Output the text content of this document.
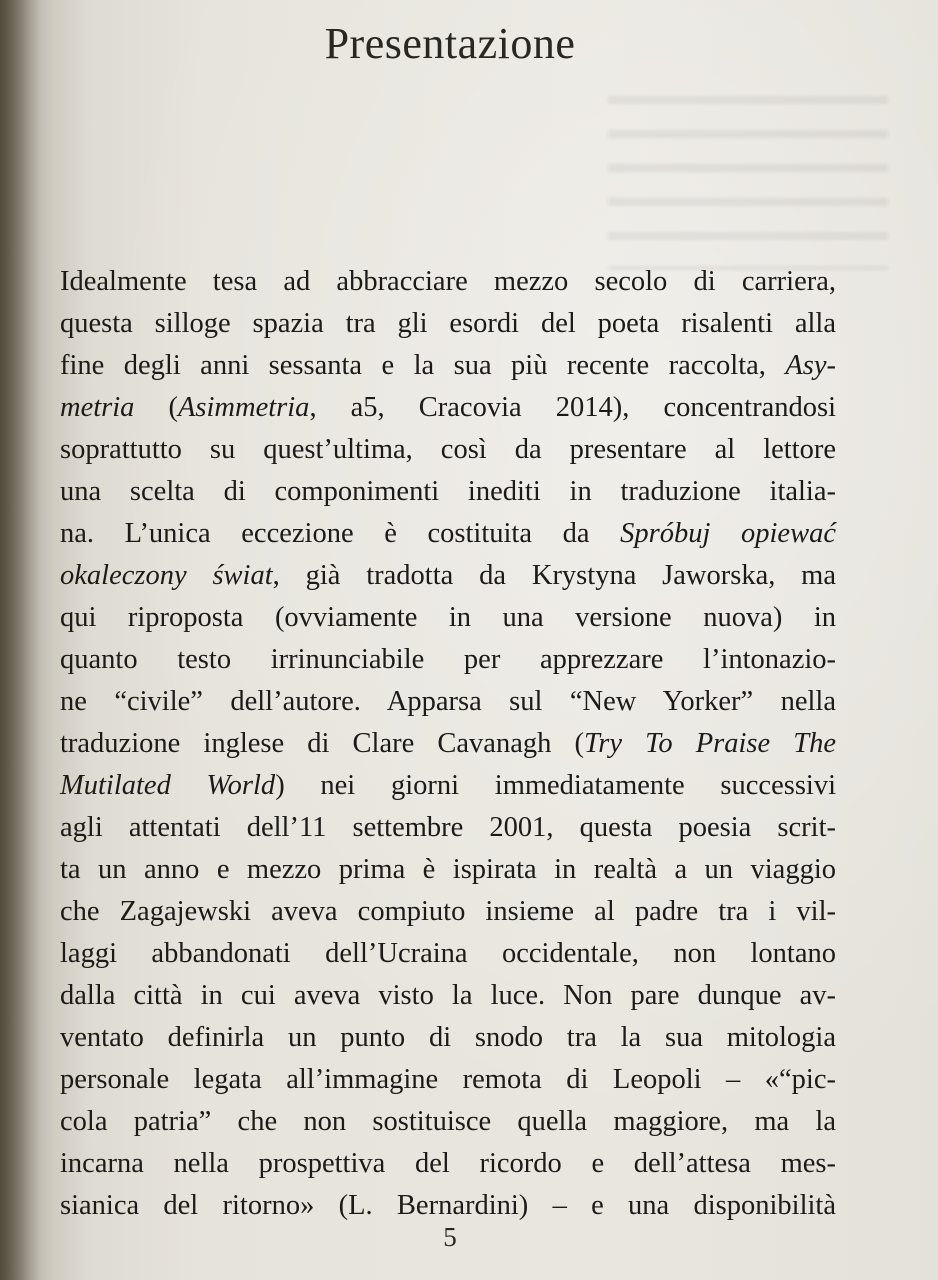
Presentazione
Idealmente tesa ad abbracciare mezzo secolo di carriera,
questa silloge spazia tra gli esordi del poeta risalenti alla
fine degli anni sessanta e la sua più recente raccolta, Asy-
metria (Asimmetria, a5, Cracovia 2014), concentrandosi
soprattutto su quest’ultima, così da presentare al lettore
una scelta di componimenti inediti in traduzione italia-
na. L’unica eccezione è costituita da Spróbuj opiewać
okaleczony świat, già tradotta da Krystyna Jaworska, ma
qui riproposta (ovviamente in una versione nuova) in
quanto testo irrinunciabile per apprezzare l’intonazio-
ne “civile” dell’autore. Apparsa sul “New Yorker” nella
traduzione inglese di Clare Cavanagh (Try To Praise The
Mutilated World) nei giorni immediatamente successivi
agli attentati dell’11 settembre 2001, questa poesia scrit-
ta un anno e mezzo prima è ispirata in realtà a un viaggio
che Zagajewski aveva compiuto insieme al padre tra i vil-
laggi abbandonati dell’Ucraina occidentale, non lontano
dalla città in cui aveva visto la luce. Non pare dunque av-
ventato definirla un punto di snodo tra la sua mitologia
personale legata all’immagine remota di Leopoli – «“pic-
cola patria” che non sostituisce quella maggiore, ma la
incarna nella prospettiva del ricordo e dell’attesa mes-
sianica del ritorno» (L. Bernardini) – e una disponibilità
5
